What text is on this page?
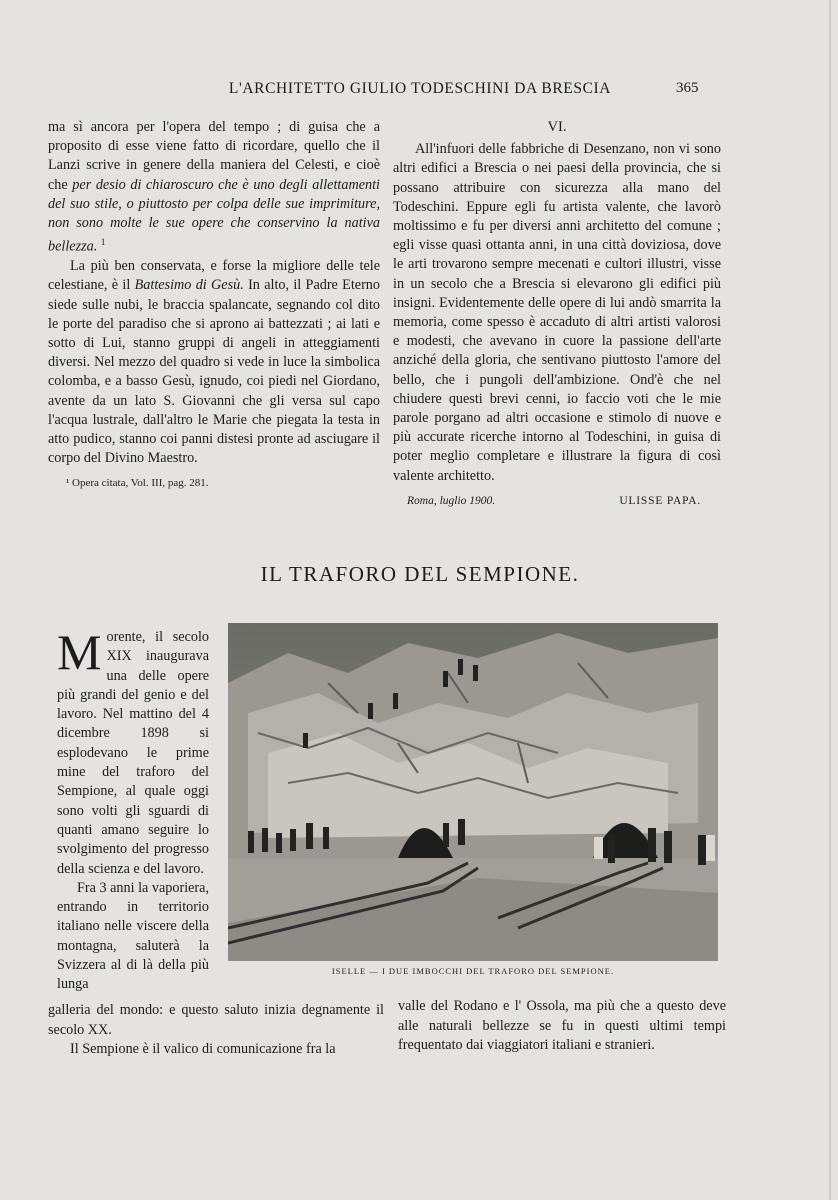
L'ARCHITETTO GIULIO TODESCHINI DA BRESCIA	365

ma sì ancora per l'opera del tempo ; di guisa che a proposito di esse viene fatto di ricordare, quello che il Lanzi scrive in genere della maniera del Celesti, e cioè che per desio di chiaroscuro che è uno degli allettamenti del suo stile, o piuttosto per colpa delle sue imprimiture, non sono molte le sue opere che conservino la nativa bellezza. $^1$

La più ben conservata, e forse la migliore delle tele celestiane, è il Battesimo di Gesù. In alto, il Padre Eterno siede sulle nubi, le braccia spalancate, segnando col dito le porte del paradiso che si aprono ai battezzati ; ai lati e sotto di Lui, stanno gruppi di angeli in atteggiamenti diversi. Nel mezzo del quadro si vede in luce la simbolica colomba, e a basso Gesù, ignudo, coi piedi nel Giordano, avente da un lato S. Giovanni che gli versa sul capo l'acqua lustrale, dall'altro le Marie che piegata la testa in atto pudico, stanno coi panni distesi pronte ad asciugare il corpo del Divino Maestro.

¹ Opera citata, Vol. III, pag. 281.
VI.

All'infuori delle fabbriche di Desenzano, non vi sono altri edifici a Brescia o nei paesi della provincia, che si possano attribuire con sicurezza alla mano del Todeschini. Eppure egli fu artista valente, che lavorò moltissimo e fu per diversi anni architetto del comune ; egli visse quasi ottanta anni, in una città doviziosa, dove le arti trovarono sempre mecenati e cultori illustri, visse in un secolo che a Brescia si elevarono gli edifici più insigni. Evidentemente delle opere di lui andò smarrita la memoria, come spesso è accaduto di altri artisti valorosi e modesti, che avevano in cuore la passione dell'arte anziché della gloria, che sentivano piuttosto l'amore del bello, che i pungoli dell'ambizione. Ond'è che nel chiudere questi brevi cenni, io faccio voti che le mie parole porgano ad altri occasione e stimolo di nuove e più accurate ricerche intorno al Todeschini, in guisa di poter meglio completare e illustrare la figura di così valente architetto.

Roma, luglio 1900.	ULISSE PAPA.
IL TRAFORO DEL SEMPIONE.
M orente, il secolo XIX inaugurava una delle opere più grandi del genio e del lavoro. Nel mattino del 4 dicembre 1898 si esplodevano le prime mine del traforo del Sempione, al quale oggi sono volti gli sguardi di quanti amano seguire lo svolgimento del progresso della scienza e del lavoro.

Fra 3 anni la vaporiera, entrando in territorio italiano nelle viscere della montagna, saluterà la Svizzera al di là della più lunga

ISELLE — I DUE IMBOCCHI DEL TRAFORO DEL SEMPIONE.

galleria del mondo: e questo saluto inizia degnamente il secolo XX.

Il Sempione è il valico di comunicazione fra la

valle del Rodano e l' Ossola, ma più che a questo deve alle naturali bellezze se fu in questi ultimi tempi frequentato dai viaggiatori italiani e stranieri.
